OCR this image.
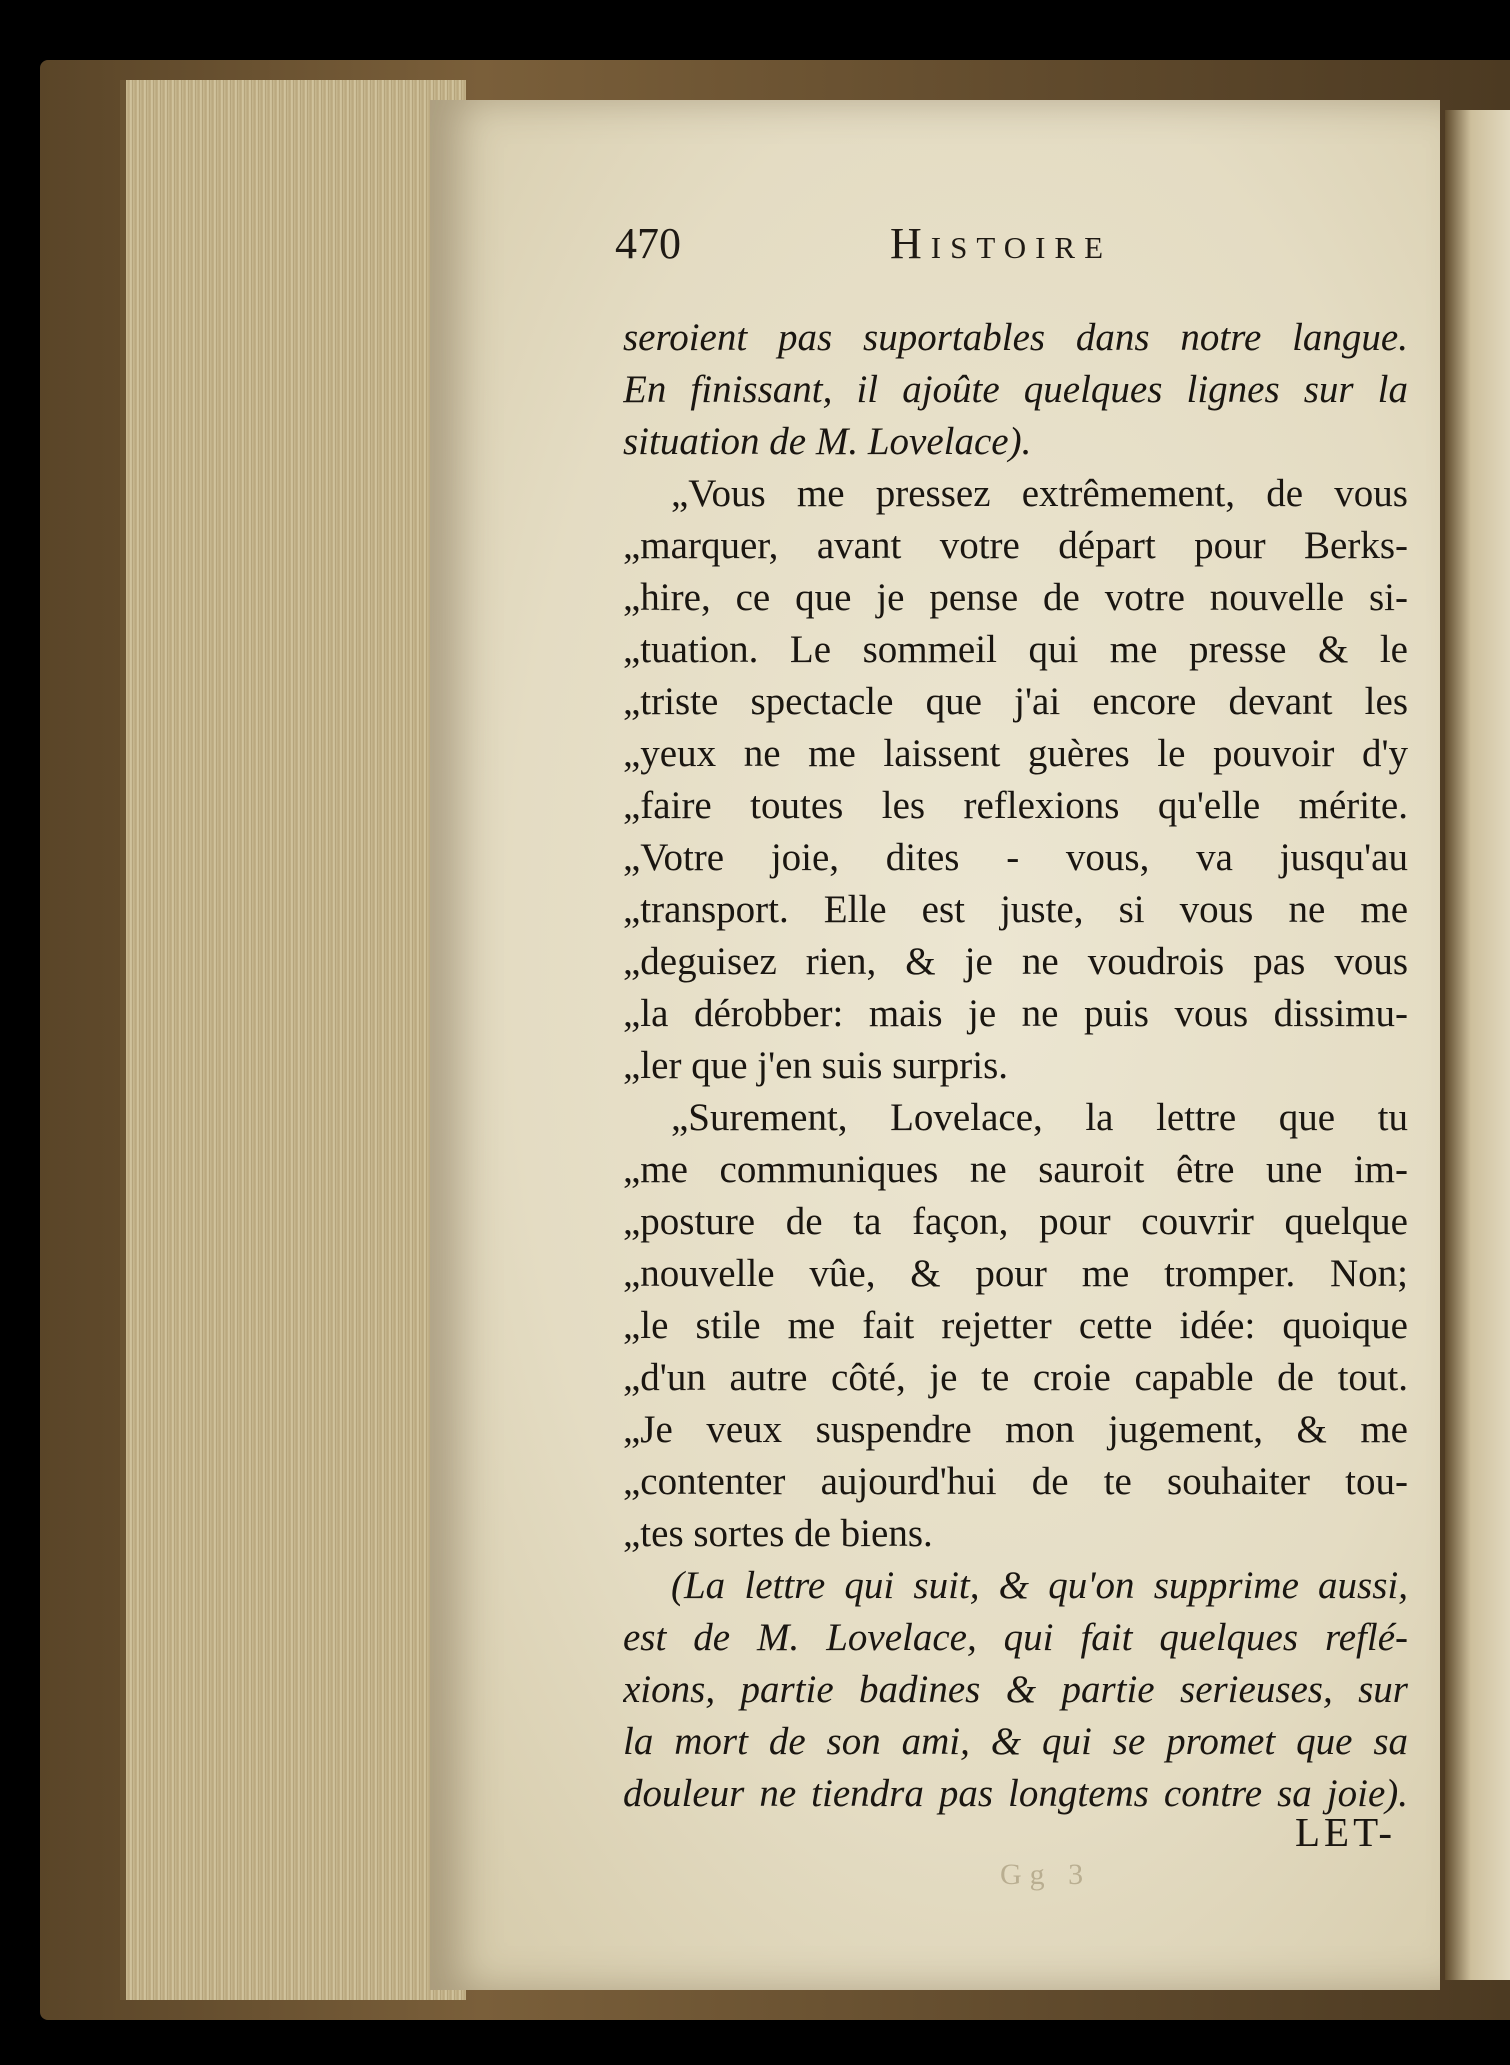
470	Histoire
seroient pas suportables dans notre langue.
En finissant, il ajoûte quelques lignes sur la
situation de M. Lovelace).
„Vous me pressez extrêmement, de vous
„marquer, avant votre départ pour Berks-
„hire, ce que je pense de votre nouvelle si-
„tuation. Le sommeil qui me presse & le
„triste spectacle que j'ai encore devant les
„yeux ne me laissent guères le pouvoir d'y
„faire toutes les reflexions qu'elle mérite.
„Votre joie, dites - vous, va jusqu'au
„transport. Elle est juste, si vous ne me
„deguisez rien, & je ne voudrois pas vous
„la dérobber: mais je ne puis vous dissimu-
„ler que j'en suis surpris.
„Surement, Lovelace, la lettre que tu
„me communiques ne sauroit être une im-
„posture de ta façon, pour couvrir quelque
„nouvelle vûe, & pour me tromper. Non;
„le stile me fait rejetter cette idée: quoique
„d'un autre côté, je te croie capable de tout.
„Je veux suspendre mon jugement, & me
„contenter aujourd'hui de te souhaiter tou-
„tes sortes de biens.
(La lettre qui suit, & qu'on supprime aussi,
est de M. Lovelace, qui fait quelques reflé-
xions, partie badines & partie serieuses, sur
la mort de son ami, & qui se promet que sa
douleur ne tiendra pas longtems contre sa joie).
Gg 3
LET-
